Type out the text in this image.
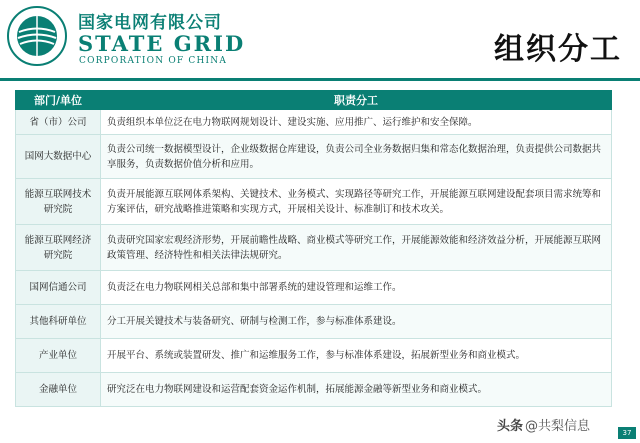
国家电网有限公司
STATE GRID
CORPORATION OF CHINA	组织分工
部门/单位	职责分工
省（市）公司	负责组织本单位泛在电力物联网规划设计、建设实施、应用推广、运行维护和安全保障。
国网大数据中心	负责公司统一数据模型设计，企业级数据仓库建设，负责公司全业务数据归集和常态化数据治理，负责提供公司数据共享服务，负责数据价值分析和应用。
能源互联网技术研究院	负责开展能源互联网体系架构、关键技术、业务模式、实现路径等研究工作，开展能源互联网建设配套项目需求统筹和方案评估，研究战略推进策略和实现方式，开展相关设计、标准制订和技术攻关。
能源互联网经济研究院	负责研究国家宏观经济形势，开展前瞻性战略、商业模式等研究工作，开展能源效能和经济效益分析，开展能源互联网政策管理、经济特性和相关法律法规研究。
国网信通公司	负责泛在电力物联网相关总部和集中部署系统的建设管理和运维工作。
其他科研单位	分工开展关键技术与装备研究、研制与检测工作，参与标准体系建设。
产业单位	开展平台、系统或装置研发、推广和运维服务工作，参与标准体系建设，拓展新型业务和商业模式。
金融单位	研究泛在电力物联网建设和运营配套资金运作机制，拓展能源金融等新型业务和商业模式。
头条 @共梨信息	37
